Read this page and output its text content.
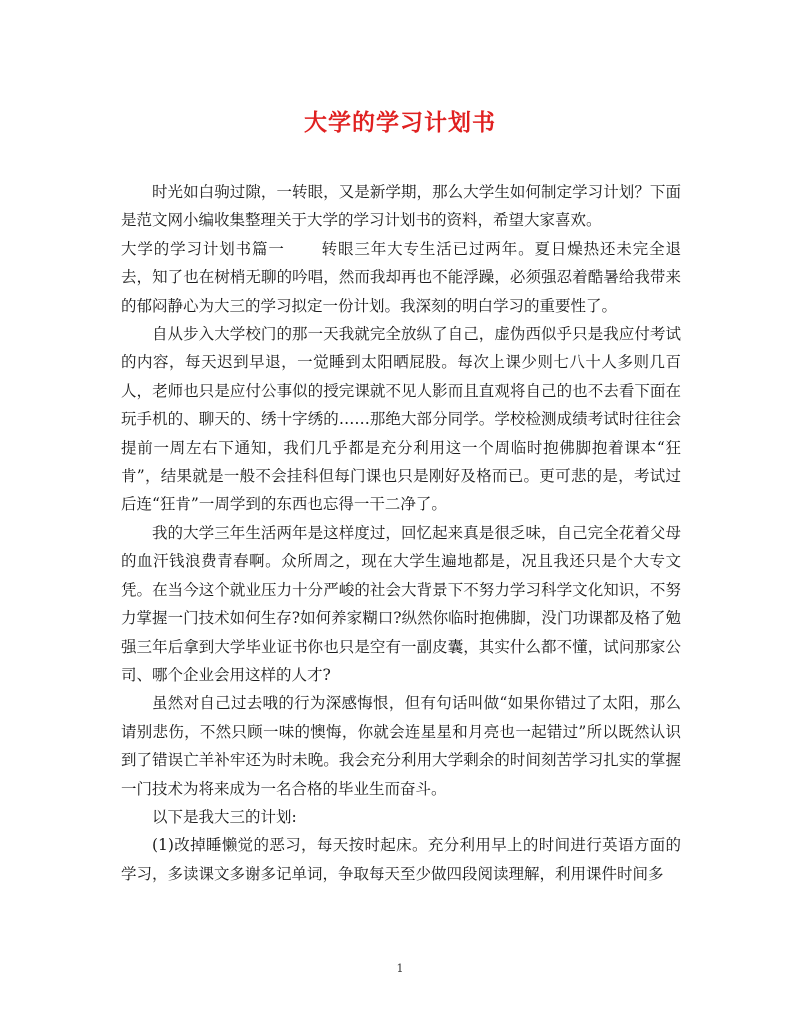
大学的学习计划书

时光如白驹过隙，一转眼，又是新学期，那么大学生如何制定学习计划？下面是范文网小编收集整理关于大学的学习计划书的资料，希望大家喜欢。

大学的学习计划书篇一 转眼三年大专生活已过两年。夏日燥热还未完全退去，知了也在树梢无聊的吟唱，然而我却再也不能浮躁，必须强忍着酷暑给我带来的郁闷静心为大三的学习拟定一份计划。我深刻的明白学习的重要性了。

自从步入大学校门的那一天我就完全放纵了自己，虚伪西似乎只是我应付考试的内容，每天迟到早退，一觉睡到太阳晒屁股。每次上课少则七八十人多则几百人，老师也只是应付公事似的授完课就不见人影而且直观将自己的也不去看下面在玩手机的、聊天的、绣十字绣的……那绝大部分同学。学校检测成绩考试时往往会提前一周左右下通知，我们几乎都是充分利用这一个周临时抱佛脚抱着课本“狂肯”，结果就是一般不会挂科但每门课也只是刚好及格而已。更可悲的是，考试过后连“狂肯”一周学到的东西也忘得一干二净了。

我的大学三年生活两年是这样度过，回忆起来真是很乏味，自己完全花着父母的血汗钱浪费青春啊。众所周之，现在大学生遍地都是，况且我还只是个大专文凭。在当今这个就业压力十分严峻的社会大背景下不努力学习科学文化知识，不努力掌握一门技术如何生存?如何养家糊口?纵然你临时抱佛脚，没门功课都及格了勉强三年后拿到大学毕业证书你也只是空有一副皮囊，其实什么都不懂，试问那家公司、哪个企业会用这样的人才?

虽然对自己过去哦的行为深感悔恨，但有句话叫做“如果你错过了太阳，那么请别悲伤，不然只顾一味的懊悔，你就会连星星和月亮也一起错过”所以既然认识到了错误亡羊补牢还为时未晚。我会充分利用大学剩余的时间刻苦学习扎实的掌握一门技术为将来成为一名合格的毕业生而奋斗。

以下是我大三的计划:

(1)改掉睡懒觉的恶习，每天按时起床。充分利用早上的时间进行英语方面的学习，多读课文多谢多记单词，争取每天至少做四段阅读理解，利用课件时间多

1
